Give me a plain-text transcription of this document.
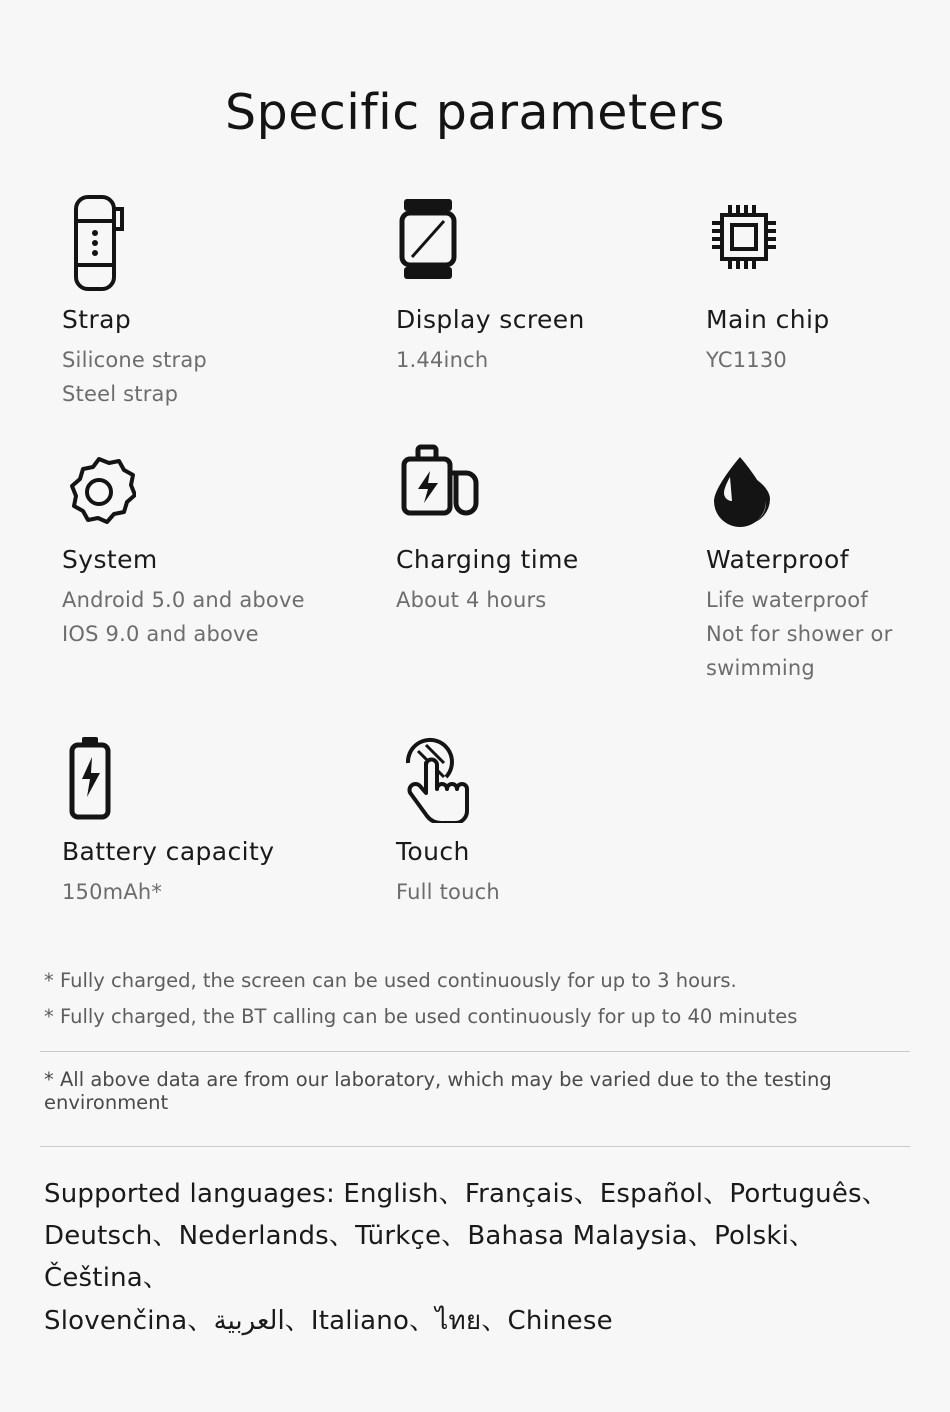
Specific parameters
Strap
Silicone strap
Steel strap
Display screen
1.44inch
Main chip
YC1130
System
Android 5.0 and above
IOS 9.0 and above
Charging time
About 4 hours
Waterproof
Life waterproof
Not for shower or
swimming
Battery capacity
150mAh*
Touch
Full touch
* Fully charged, the screen can be used continuously for up to 3 hours.
* Fully charged, the BT calling can be used continuously for up to 40 minutes
* All above data are from our laboratory, which may be varied due to the testing environment
Supported languages: English、Français、Español、Português、
Deutsch、Nederlands、Türkçe、Bahasa Malaysia、Polski、Čeština、
Slovenčina、العربية、Italiano、ไทย、Chinese
